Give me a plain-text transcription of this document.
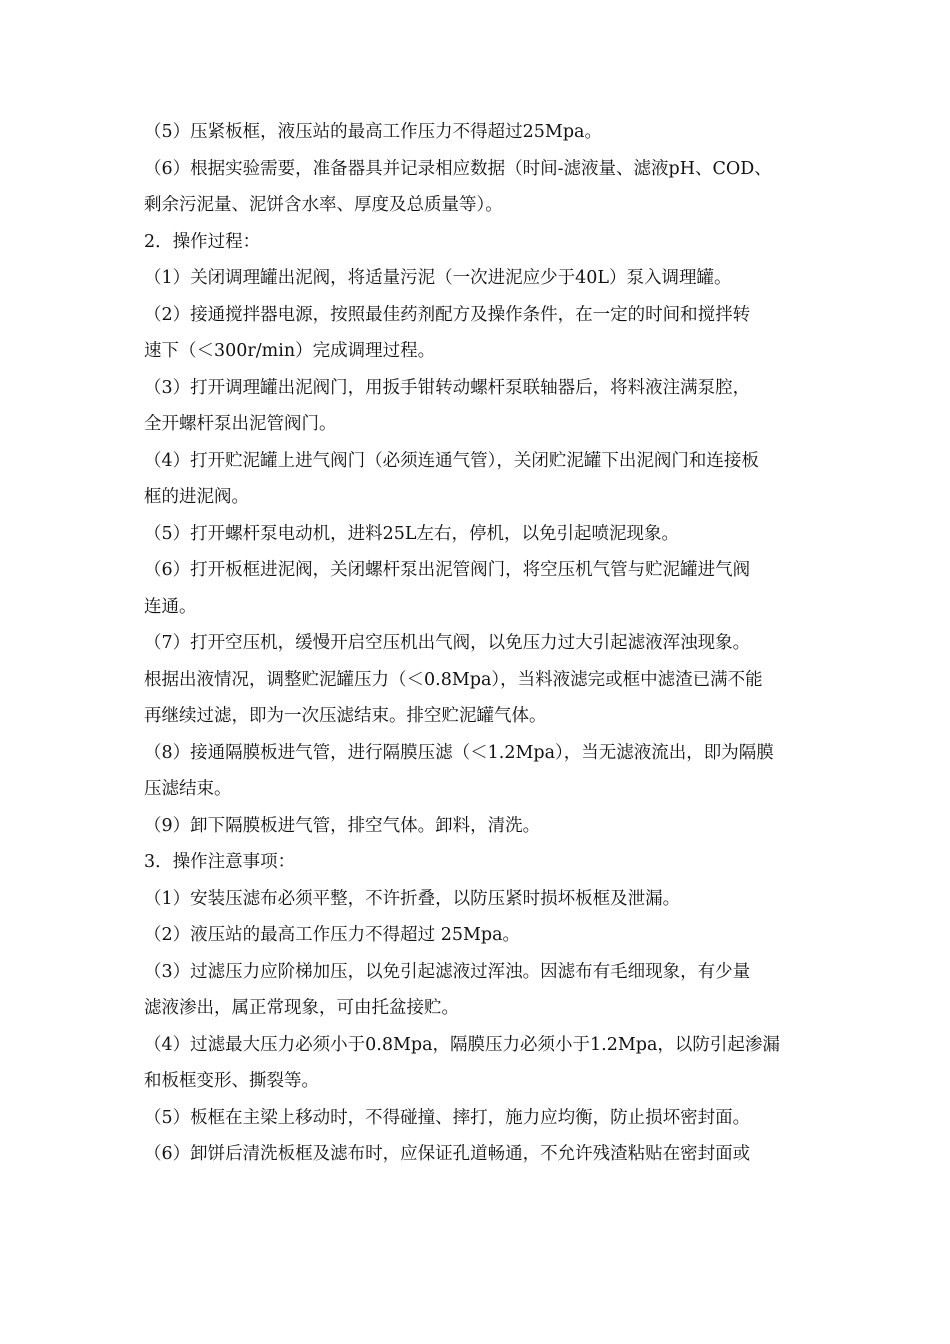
（5）压紧板框，液压站的最高工作压力不得超过25Mpa。
（6）根据实验需要，准备器具并记录相应数据（时间-滤液量、滤液pH、COD、
剩余污泥量、泥饼含水率、厚度及总质量等）。
2．操作过程：
（1）关闭调理罐出泥阀，将适量污泥（一次进泥应少于40L）泵入调理罐。
（2）接通搅拌器电源，按照最佳药剂配方及操作条件，在一定的时间和搅拌转
速下（＜300r/min）完成调理过程。
（3）打开调理罐出泥阀门，用扳手钳转动螺杆泵联轴器后，将料液注满泵腔，
全开螺杆泵出泥管阀门。
（4）打开贮泥罐上进气阀门（必须连通气管），关闭贮泥罐下出泥阀门和连接板
框的进泥阀。
（5）打开螺杆泵电动机，进料25L左右，停机，以免引起喷泥现象。
（6）打开板框进泥阀，关闭螺杆泵出泥管阀门，将空压机气管与贮泥罐进气阀
连通。
（7）打开空压机，缓慢开启空压机出气阀，以免压力过大引起滤液浑浊现象。
根据出液情况，调整贮泥罐压力（＜0.8Mpa），当料液滤完或框中滤渣已满不能
再继续过滤，即为一次压滤结束。排空贮泥罐气体。
（8）接通隔膜板进气管，进行隔膜压滤（＜1.2Mpa），当无滤液流出，即为隔膜
压滤结束。
（9）卸下隔膜板进气管，排空气体。卸料，清洗。
3．操作注意事项：
（1）安装压滤布必须平整，不许折叠，以防压紧时损坏板框及泄漏。
（2）液压站的最高工作压力不得超过 25Mpa。
（3）过滤压力应阶梯加压，以免引起滤液过浑浊。因滤布有毛细现象，有少量
滤液渗出，属正常现象，可由托盆接贮。
（4）过滤最大压力必须小于0.8Mpa，隔膜压力必须小于1.2Mpa，以防引起渗漏
和板框变形、撕裂等。
（5）板框在主梁上移动时，不得碰撞、摔打，施力应均衡，防止损坏密封面。
（6）卸饼后清洗板框及滤布时，应保证孔道畅通，不允许残渣粘贴在密封面或
